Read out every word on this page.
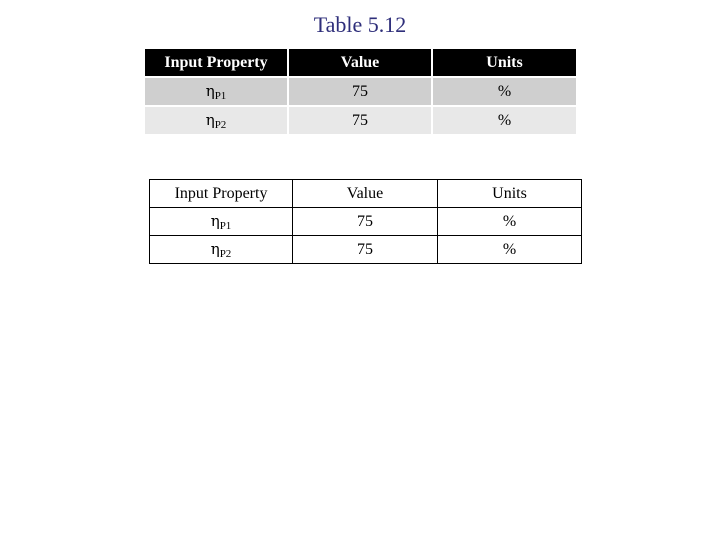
Table 5.12
Input Property	Value	Units
$\eta_{P1}$	75	%
$\eta_{P2}$	75	%
Input Property	Value	Units
$\eta_{P1}$	75	%
$\eta_{P2}$	75	%
